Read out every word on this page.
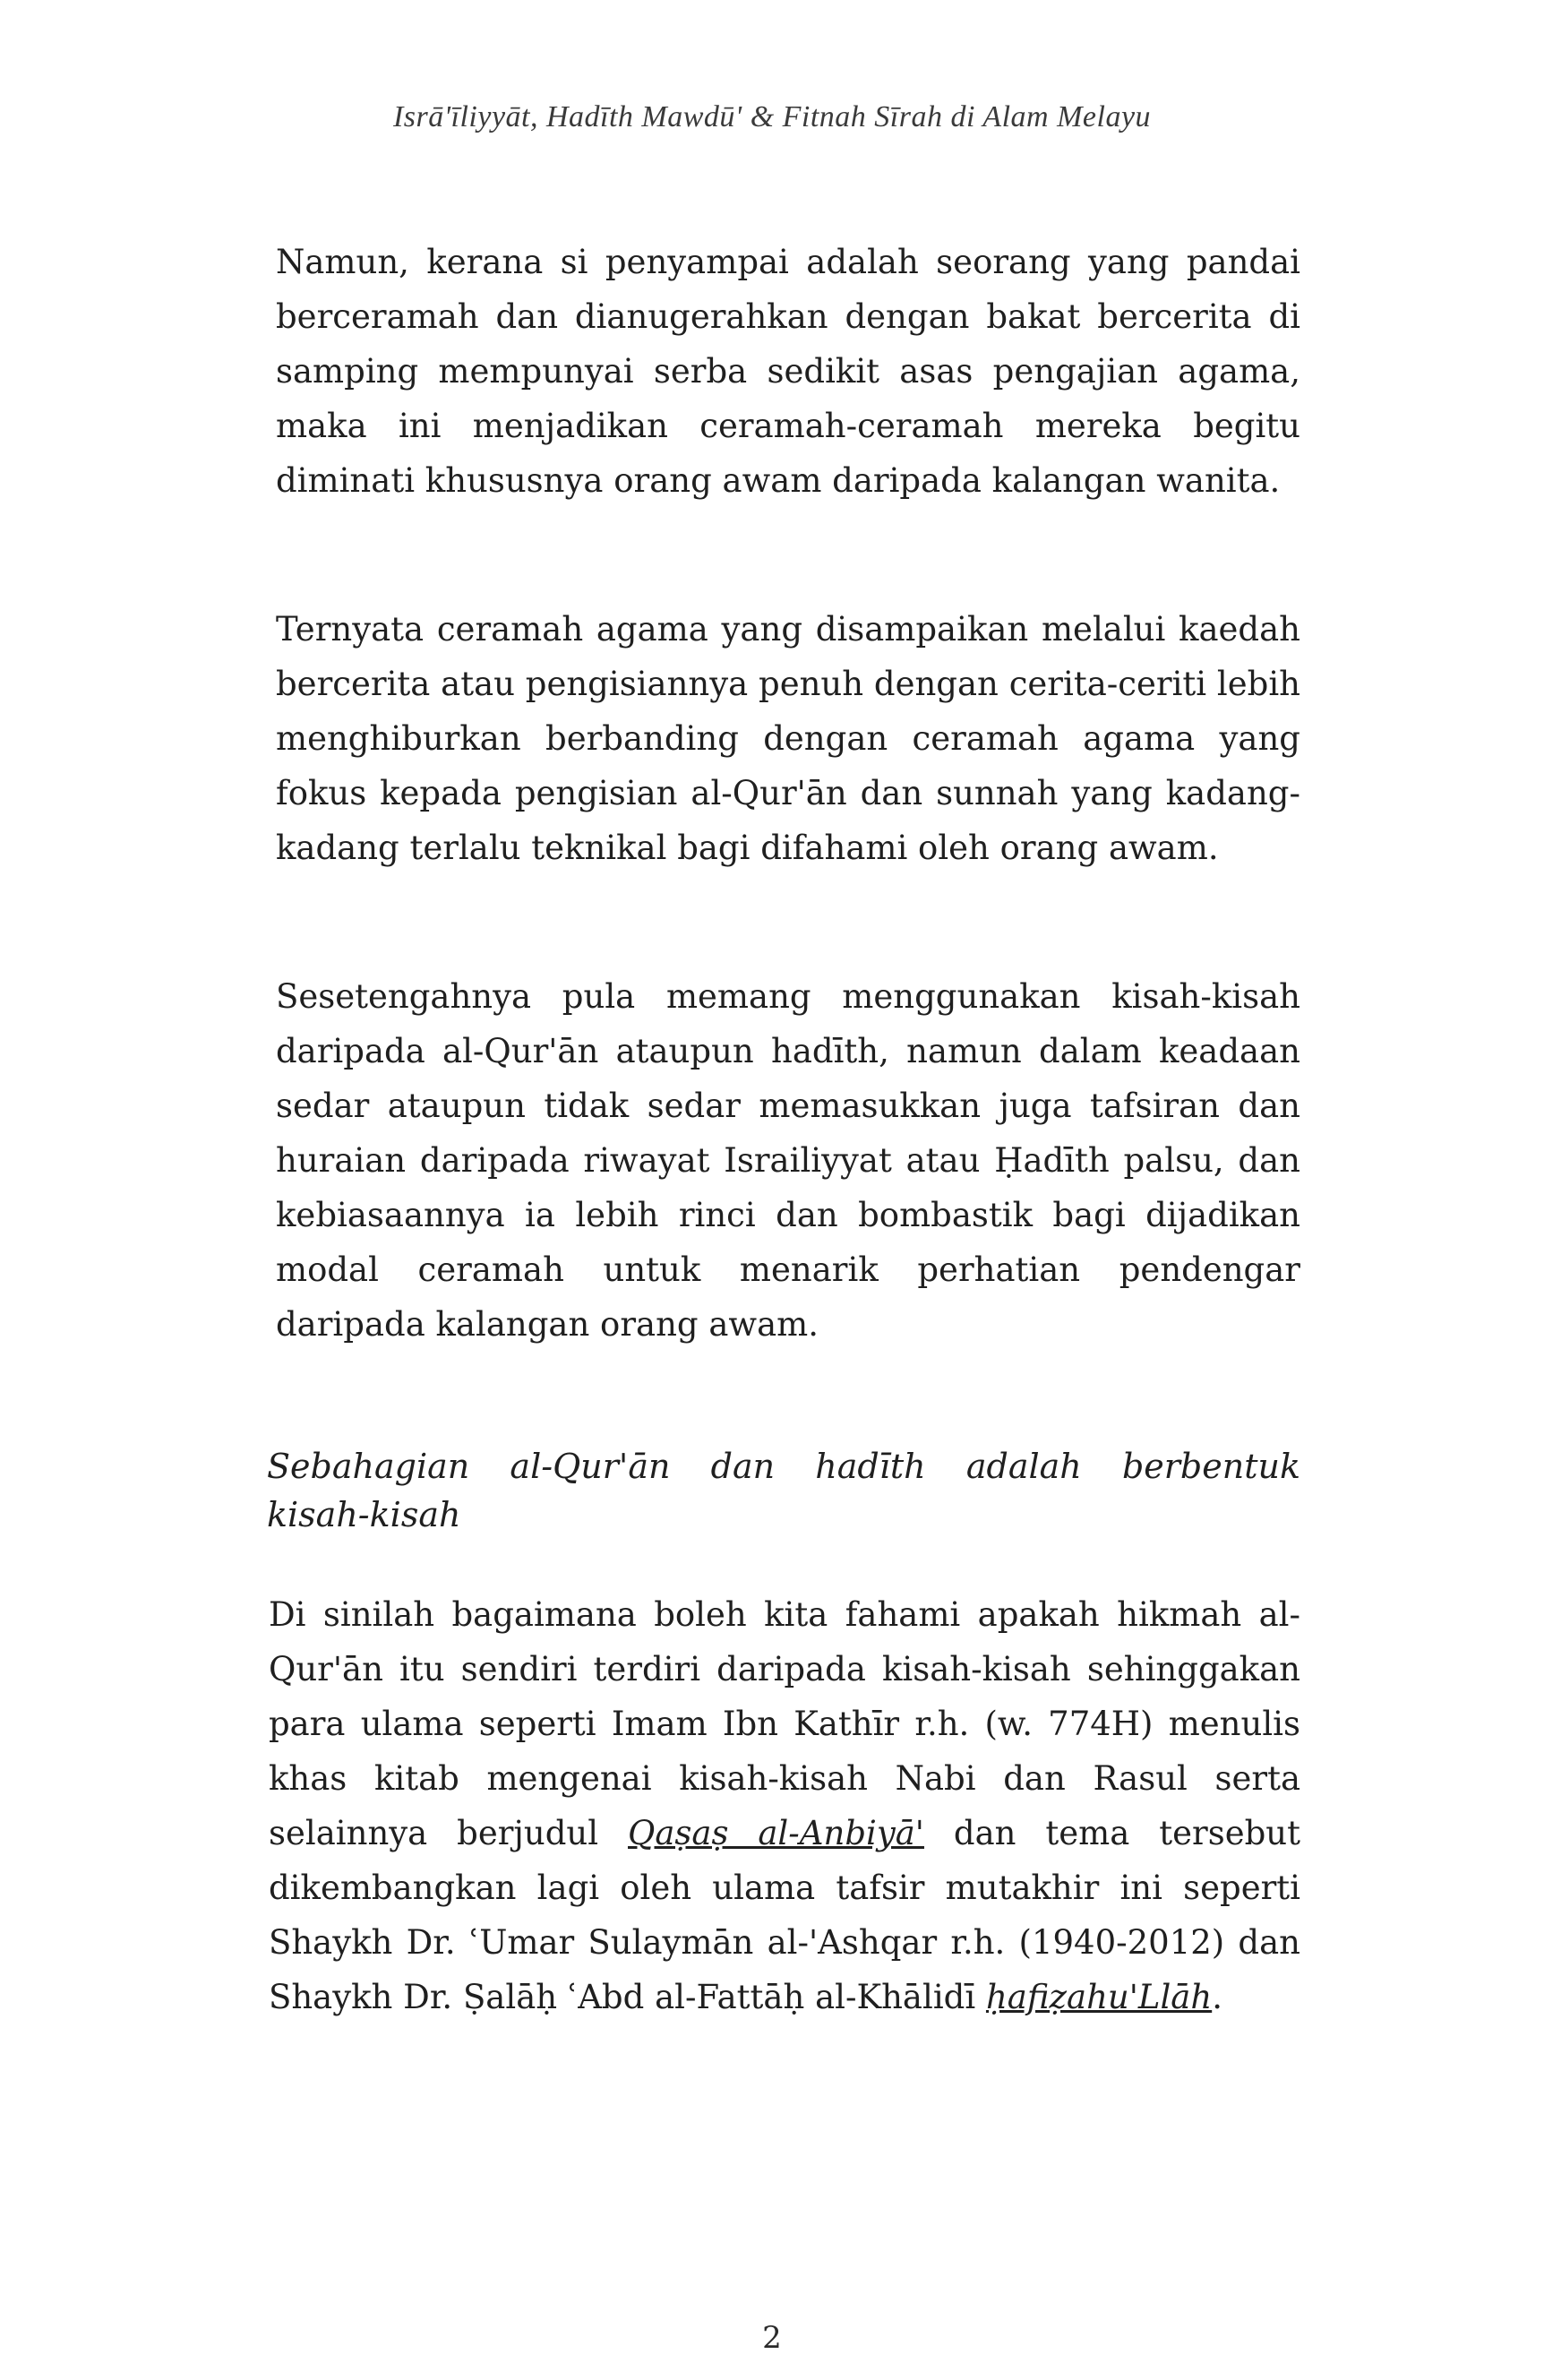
Isrā'īliyyāt, Hadīth Mawdū' & Fitnah Sīrah di Alam Melayu

Namun, kerana si penyampai adalah seorang yang pandai berceramah dan dianugerahkan dengan bakat bercerita di samping mempunyai serba sedikit asas pengajian agama, maka ini menjadikan ceramah-ceramah mereka begitu diminati khususnya orang awam daripada kalangan wanita.

Ternyata ceramah agama yang disampaikan melalui kaedah bercerita atau pengisiannya penuh dengan cerita-ceriti lebih menghiburkan berbanding dengan ceramah agama yang fokus kepada pengisian al-Qur'ān dan sunnah yang kadang-kadang terlalu teknikal bagi difahami oleh orang awam.

Sesetengahnya pula memang menggunakan kisah-kisah daripada al-Qur'ān ataupun hadīth, namun dalam keadaan sedar ataupun tidak sedar memasukkan juga tafsiran dan huraian daripada riwayat Israiliyyat atau Ḥadīth palsu, dan kebiasaannya ia lebih rinci dan bombastik bagi dijadikan modal ceramah untuk menarik perhatian pendengar daripada kalangan orang awam.

Sebahagian al-Qur'ān dan hadīth adalah berbentuk
kisah-kisah

Di sinilah bagaimana boleh kita fahami apakah hikmah al-Qur'ān itu sendiri terdiri daripada kisah-kisah sehinggakan para ulama seperti Imam Ibn Kathīr r.h. (w. 774H) menulis khas kitab mengenai kisah-kisah Nabi dan Rasul serta selainnya berjudul Qaṣaṣ al-Anbiyā' dan tema tersebut dikembangkan lagi oleh ulama tafsir mutakhir ini seperti Shaykh Dr. ʿUmar Sulaymān al-'Ashqar r.h. (1940-2012) dan Shaykh Dr. Ṣalāḥ ʿAbd al-Fattāḥ al-Khālidī ḥafiẓahu'Llāh.

2
